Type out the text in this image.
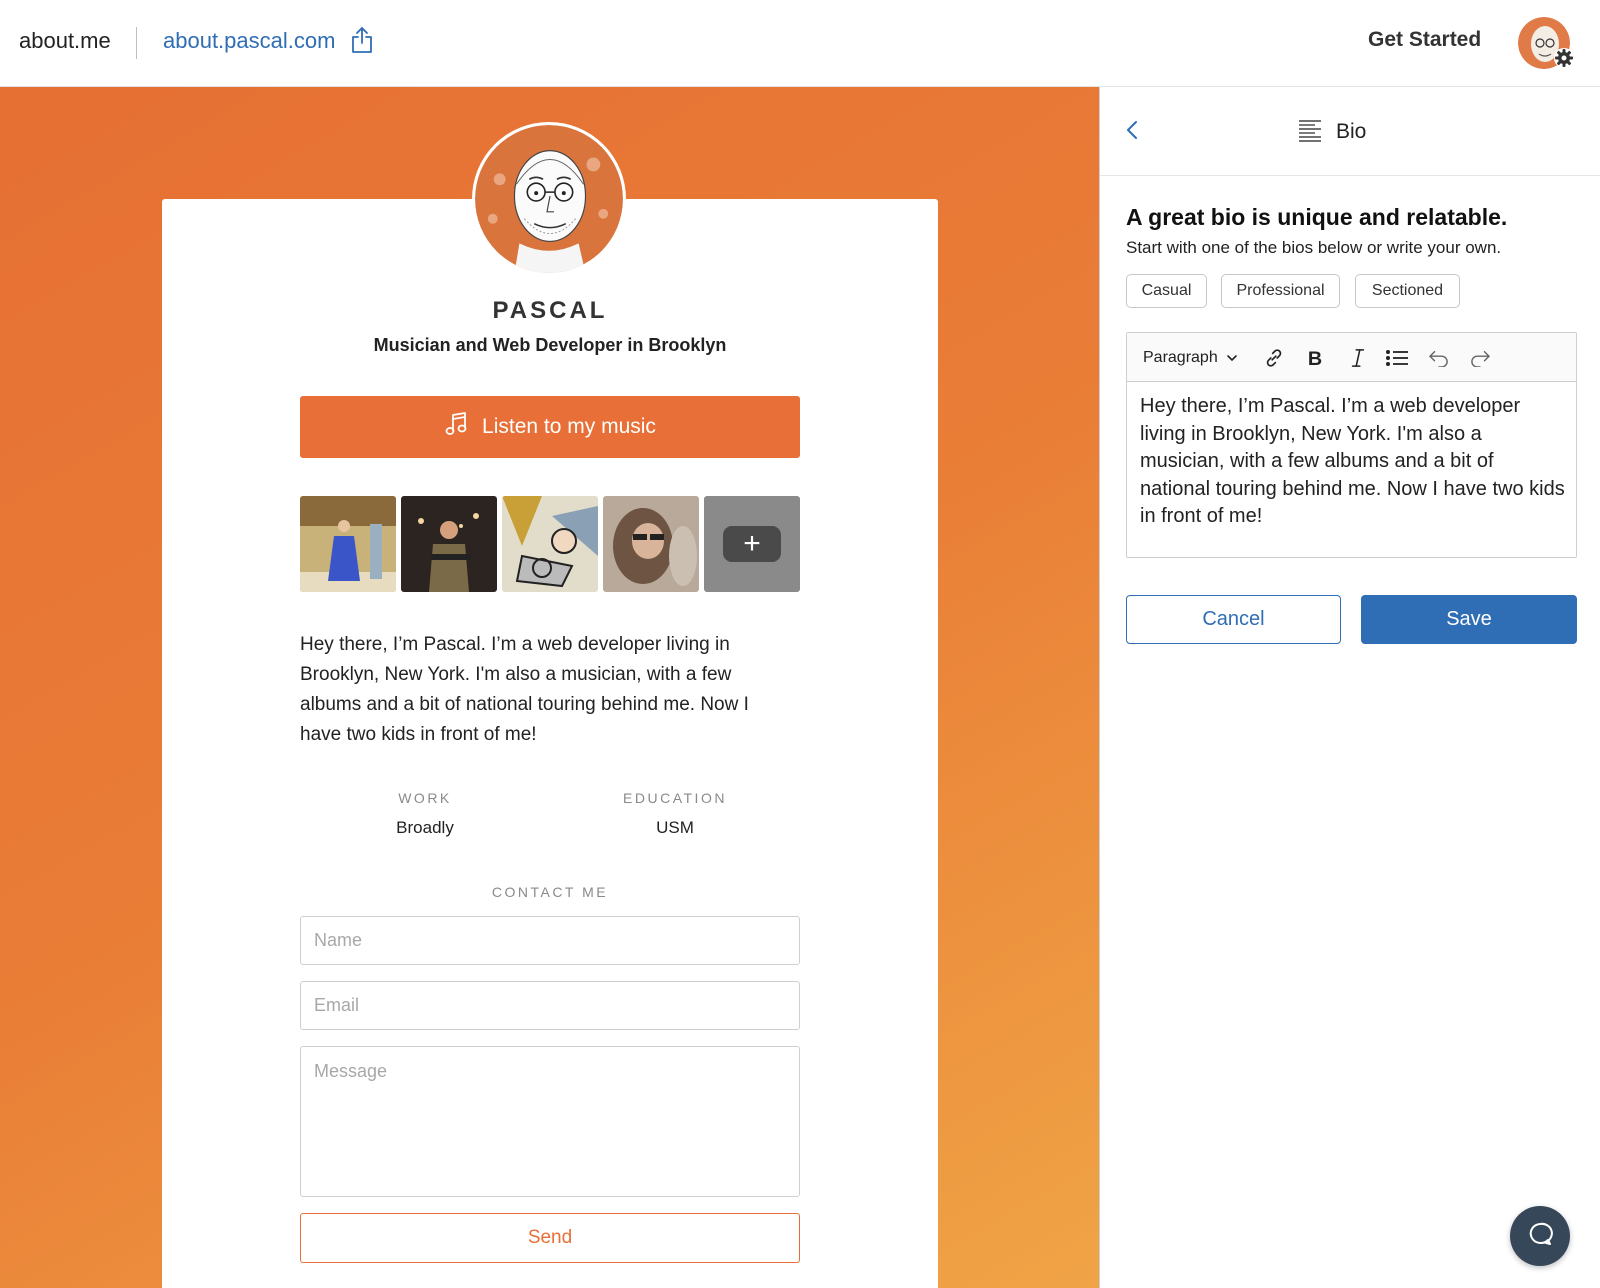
about.me about.pascal.com	Get Started
PASCAL
Musician and Web Developer in Brooklyn
Listen to my music
+

Hey there, I’m Pascal. I’m a web developer living in Brooklyn, New York. I'm also a musician, with a few albums and a bit of national touring behind me. Now I have two kids in front of me!

WORK
Broadly
EDUCATION
USM
CONTACT ME
Name
Email
Message
Send
Bio
A great bio is unique and relatable.

Start with one of the bios below or write your own.

Casual	Professional	Sectioned
Paragraph	B
Hey there, I’m Pascal. I’m a web developer living in Brooklyn, New York. I'm also a musician, with a few albums and a bit of national touring behind me. Now I have two kids in front of me!
Cancel	Save
